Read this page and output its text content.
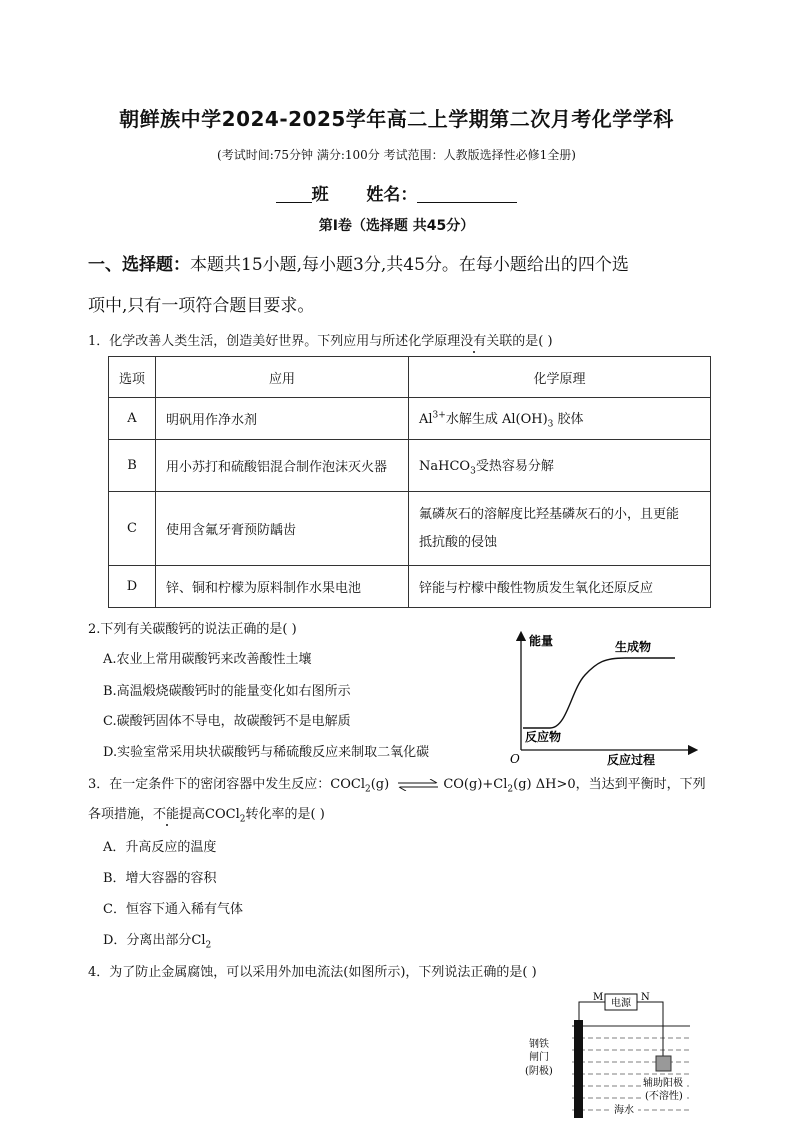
朝鲜族中学2024-2025学年高二上学期第二次月考化学学科
(考试时间:75分钟 满分:100分 考试范围：人教版选择性必修1全册)
班 姓名：
第Ⅰ卷（选择题 共45分）
一、选择题：本题共15小题,每小题3分,共45分。在每小题给出的四个选
项中,只有一项符合题目要求。
1．化学改善人类生活，创造美好世界。下列应用与所述化学原理没有关联的是( )
选项	应用	化学原理
A	明矾用作净水剂	$Al^{3+}$水解生成 $Al(OH)_3$ 胶体
B	用小苏打和硫酸铝混合制作泡沫灭火器	NaHCO$_3$受热容易分解
C	使用含氟牙膏预防龋齿	氟磷灰石的溶解度比羟基磷灰石的小，且更能
抵抗酸的侵蚀

D	锌、铜和柠檬为原料制作水果电池	锌能与柠檬中酸性物质发生氧化还原反应
2.下列有关碳酸钙的说法正确的是( )
A.农业上常用碳酸钙来改善酸性土壤
B.高温煅烧碳酸钙时的能量变化如右图所示
C.碳酸钙固体不导电，故碳酸钙不是电解质
D.实验室常采用块状碳酸钙与稀硫酸反应来制取二氧化碳
能量	生成物
反应物
O	反应过程
3．在一定条件下的密闭容器中发生反应：COCl$_2$(g) ⇌ $CO(g)+Cl_2(g)$ ΔH>0，当达到平衡时，下列
各项措施，不能提高COCl$_2$转化率的是( )
A．升高反应的温度
B．增大容器的容积
C．恒容下通入稀有气体
D．分离出部分$Cl_2$
4．为了防止金属腐蚀，可以采用外加电流法(如图所示)，下列说法正确的是( )
电源
M	N
钢铁
闸门
(阴极)
辅助阳极
(不溶性)
海水
